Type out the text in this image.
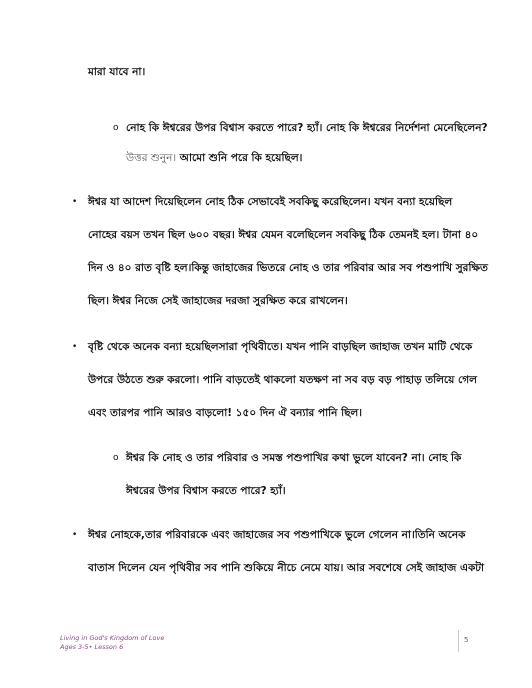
মারা যাবে না।
o নোহ কি ঈশ্বরের উপর বিশ্বাস করতে পারে? হ্যাঁ। নোহ কি ঈশ্বরের নির্দেশনা মেনেছিলেন?
উত্তর শুনুন। আমো শুনি পরে কি হয়েছিল।
• ঈশ্বর যা আদেশ দিয়েছিলেন নোহ ঠিক সেভাবেই সবকিছু করেছিলেন। যখন বন্যা হয়েছিল
নোহের বয়স তখন ছিল ৬০০ বছর। ঈশ্বর যেমন বলেছিলেন সবকিছু ঠিক তেমনই হল। টানা ৪০
দিন ও ৪০ রাত বৃষ্টি হল।কিন্তু জাহাজের ভিতরে নোহ ও তার পরিবার আর সব পশুপাখি সুরক্ষিত
ছিল। ঈশ্বর নিজে সেই জাহাজের দরজা সুরক্ষিত করে রাখলেন।
• বৃষ্টি থেকে অনেক বন্যা হয়েছিলসারা পৃথিবীতে। যখন পানি বাড়ছিল জাহাজ তখন মাটি থেকে
উপরে উঠতে শুরু করলো। পানি বাড়তেই থাকলো যতক্ষণ না সব বড় বড় পাহাড় তলিয়ে গেল
এবং তারপর পানি আরও বাড়লো! ১৫০ দিন ঐ বন্যার পানি ছিল।
o ঈশ্বর কি নোহ ও তার পরিবার ও সমস্ত পশুপাখির কথা ভুলে যাবেন? না। নোহ কি
ঈশ্বরের উপর বিশ্বাস করতে পারে? হ্যাঁ।
• ঈশ্বর নোহকে,তার পরিবারকে এবং জাহাজের সব পশুপাখিকে ভুলে গেলেন না।তিনি অনেক
বাতাস দিলেন যেন পৃথিবীর সব পানি শুকিয়ে নীচে নেমে যায়। আর সবশেষে সেই জাহাজ একটা
Living in God's Kingdom of Love
Ages 3-5• Lesson 6
5
